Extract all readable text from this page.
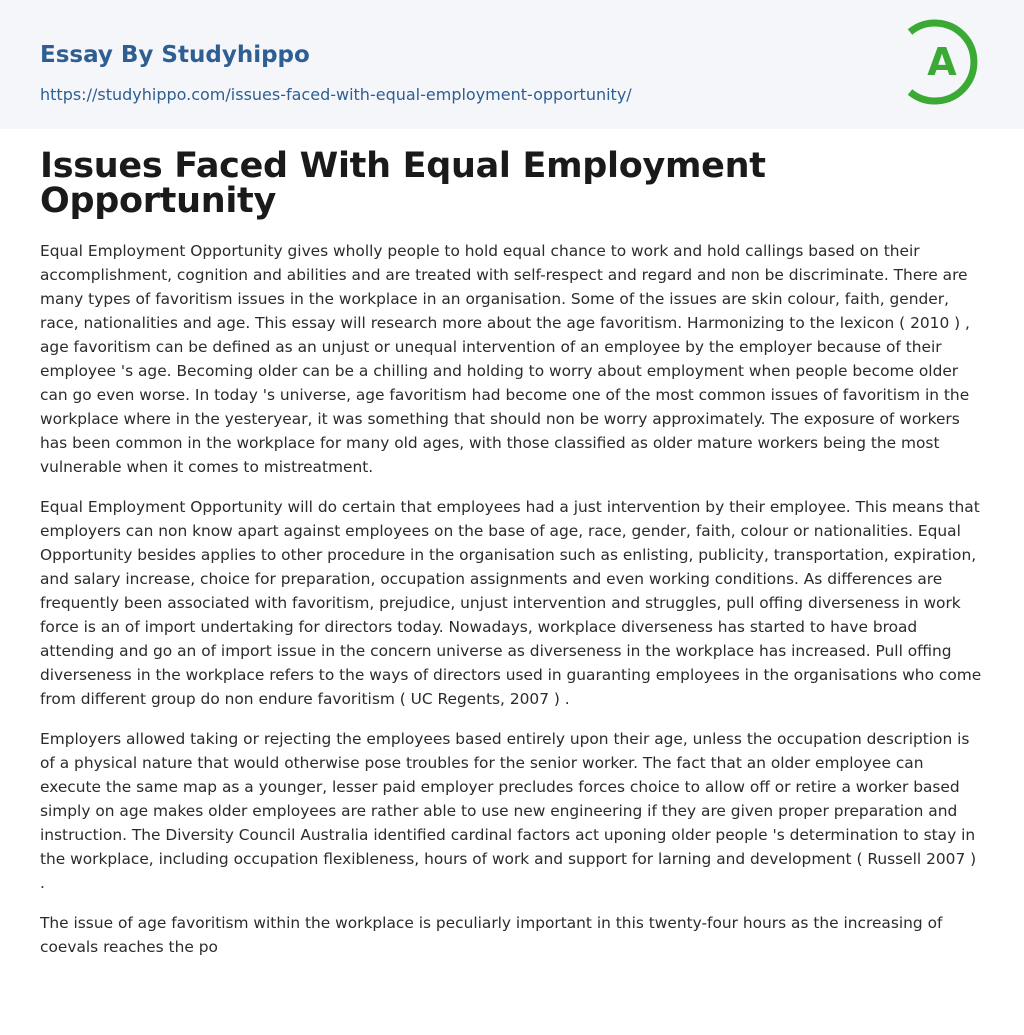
Essay By Studyhippo
https://studyhippo.com/issues-faced-with-equal-employment-opportunity/
A
Issues Faced With Equal Employment Opportunity

Equal Employment Opportunity gives wholly people to hold equal chance to work and hold callings based on their accomplishment, cognition and abilities and are treated with self-respect and regard and non be discriminate. There are many types of favoritism issues in the workplace in an organisation. Some of the issues are skin colour, faith, gender, race, nationalities and age. This essay will research more about the age favoritism. Harmonizing to the lexicon ( 2010 ) , age favoritism can be defined as an unjust or unequal intervention of an employee by the employer because of their employee 's age. Becoming older can be a chilling and holding to worry about employment when people become older can go even worse. In today 's universe, age favoritism had become one of the most common issues of favoritism in the workplace where in the yesteryear, it was something that should non be worry approximately. The exposure of workers has been common in the workplace for many old ages, with those classified as older mature workers being the most vulnerable when it comes to mistreatment.

Equal Employment Opportunity will do certain that employees had a just intervention by their employee. This means that employers can non know apart against employees on the base of age, race, gender, faith, colour or nationalities. Equal Opportunity besides applies to other procedure in the organisation such as enlisting, publicity, transportation, expiration, and salary increase, choice for preparation, occupation assignments and even working conditions. As differences are frequently been associated with favoritism, prejudice, unjust intervention and struggles, pull offing diverseness in work force is an of import undertaking for directors today. Nowadays, workplace diverseness has started to have broad attending and go an of import issue in the concern universe as diverseness in the workplace has increased. Pull offing diverseness in the workplace refers to the ways of directors used in guaranting employees in the organisations who come from different group do non endure favoritism ( UC Regents, 2007 ) .

Employers allowed taking or rejecting the employees based entirely upon their age, unless the occupation description is of a physical nature that would otherwise pose troubles for the senior worker. The fact that an older employee can execute the same map as a younger, lesser paid employer precludes forces choice to allow off or retire a worker based simply on age makes older employees are rather able to use new engineering if they are given proper preparation and instruction. The Diversity Council Australia identified cardinal factors act uponing older people 's determination to stay in the workplace, including occupation flexibleness, hours of work and support for larning and development ( Russell 2007 ) .

The issue of age favoritism within the workplace is peculiarly important in this twenty-four hours as the increasing of coevals reaches the po
